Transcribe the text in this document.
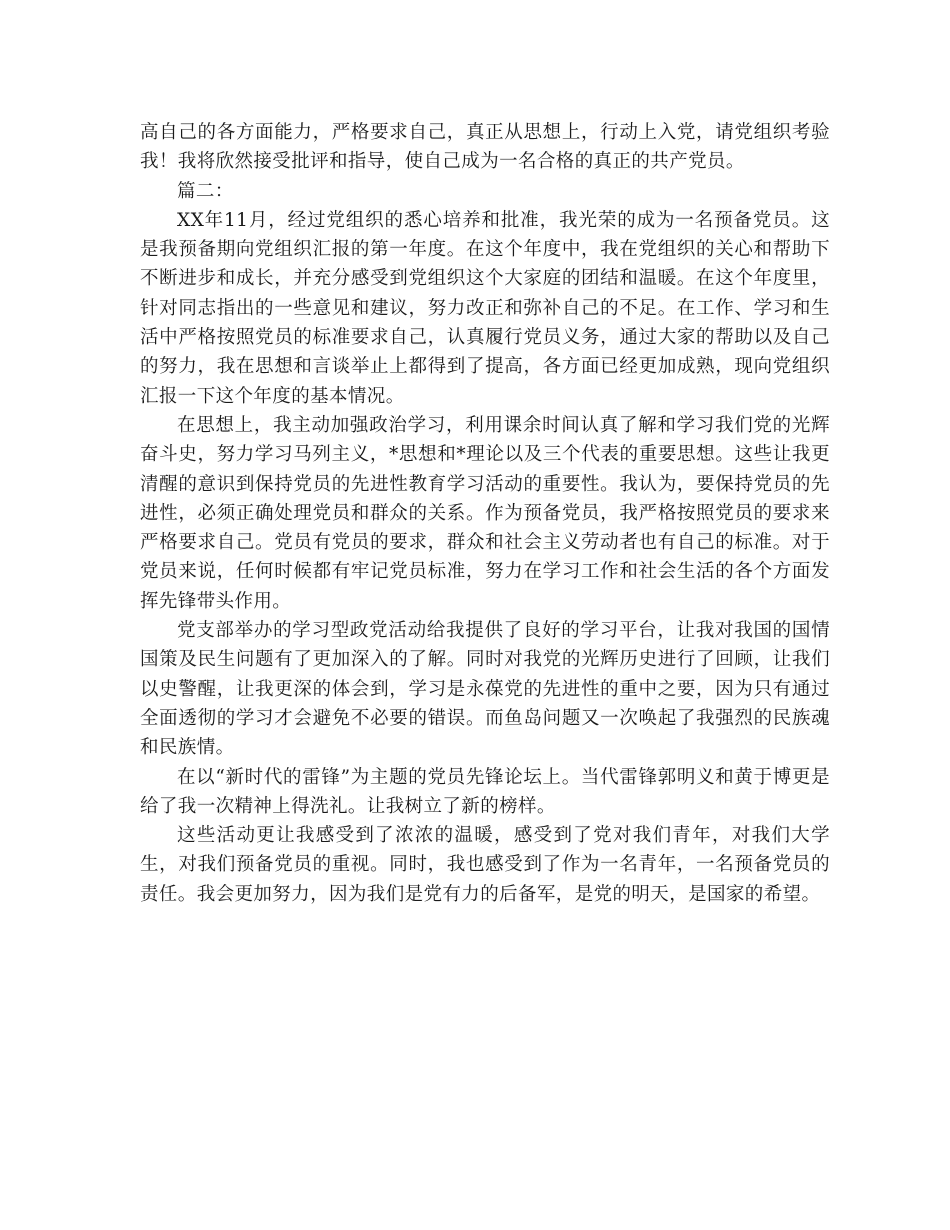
高自己的各方面能力，严格要求自己，真正从思想上，行动上入党，请党组织考验我！我将欣然接受批评和指导，使自己成为一名合格的真正的共产党员。

篇二：

XX年11月，经过党组织的悉心培养和批准，我光荣的成为一名预备党员。这是我预备期向党组织汇报的第一年度。在这个年度中，我在党组织的关心和帮助下不断进步和成长，并充分感受到党组织这个大家庭的团结和温暖。在这个年度里，针对同志指出的一些意见和建议，努力改正和弥补自己的不足。在工作、学习和生活中严格按照党员的标准要求自己，认真履行党员义务，通过大家的帮助以及自己的努力，我在思想和言谈举止上都得到了提高，各方面已经更加成熟，现向党组织汇报一下这个年度的基本情况。

在思想上，我主动加强政治学习，利用课余时间认真了解和学习我们党的光辉奋斗史，努力学习马列主义，*思想和*理论以及三个代表的重要思想。这些让我更清醒的意识到保持党员的先进性教育学习活动的重要性。我认为，要保持党员的先进性，必须正确处理党员和群众的关系。作为预备党员，我严格按照党员的要求来严格要求自己。党员有党员的要求，群众和社会主义劳动者也有自己的标准。对于党员来说，任何时候都有牢记党员标准，努力在学习工作和社会生活的各个方面发挥先锋带头作用。

党支部举办的学习型政党活动给我提供了良好的学习平台，让我对我国的国情国策及民生问题有了更加深入的了解。同时对我党的光辉历史进行了回顾，让我们以史警醒，让我更深的体会到，学习是永葆党的先进性的重中之要，因为只有通过全面透彻的学习才会避免不必要的错误。而鱼岛问题又一次唤起了我强烈的民族魂和民族情。

在以“新时代的雷锋”为主题的党员先锋论坛上。当代雷锋郭明义和黄于博更是给了我一次精神上得洗礼。让我树立了新的榜样。

这些活动更让我感受到了浓浓的温暖，感受到了党对我们青年，对我们大学生，对我们预备党员的重视。同时，我也感受到了作为一名青年，一名预备党员的责任。我会更加努力，因为我们是党有力的后备军，是党的明天，是国家的希望。
